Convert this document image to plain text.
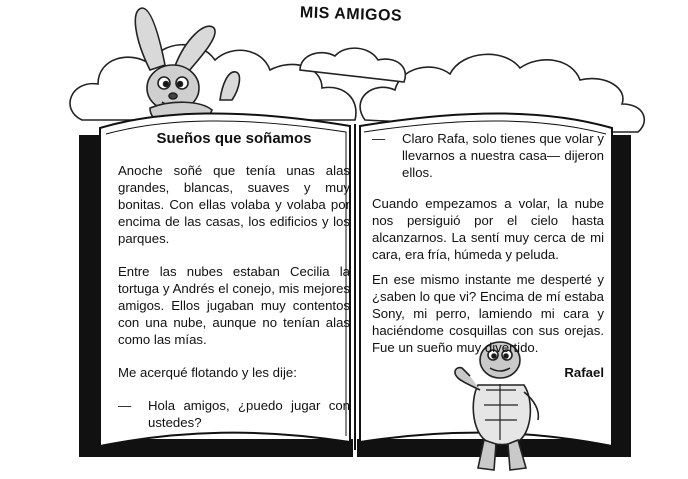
MIS AMIGOS
Sueños que soñamos

Anoche soñé que tenía unas alas grandes, blancas, suaves y muy bonitas. Con ellas volaba y volaba por encima de las casas, los edificios y los parques.

Entre las nubes estaban Cecilia la tortuga y Andrés el conejo, mis mejores amigos. Ellos jugaban muy contentos con una nube, aunque no tenían alas como las mías.

Me acerqué flotando y les dije:

—	Hola amigos, ¿puedo jugar con ustedes?
—	Claro Rafa, solo tienes que volar y llevarnos a nuestra casa— dijeron ellos.

Cuando empezamos a volar, la nube nos persiguió por el cielo hasta alcanzarnos. La sentí muy cerca de mi cara, era fría, húmeda y peluda.

En ese mismo instante me desperté y ¿saben lo que vi? Encima de mí estaba Sony, mi perro, lamiendo mi cara y haciéndome cosquillas con sus orejas. Fue un sueño muy divertido.

Rafael
